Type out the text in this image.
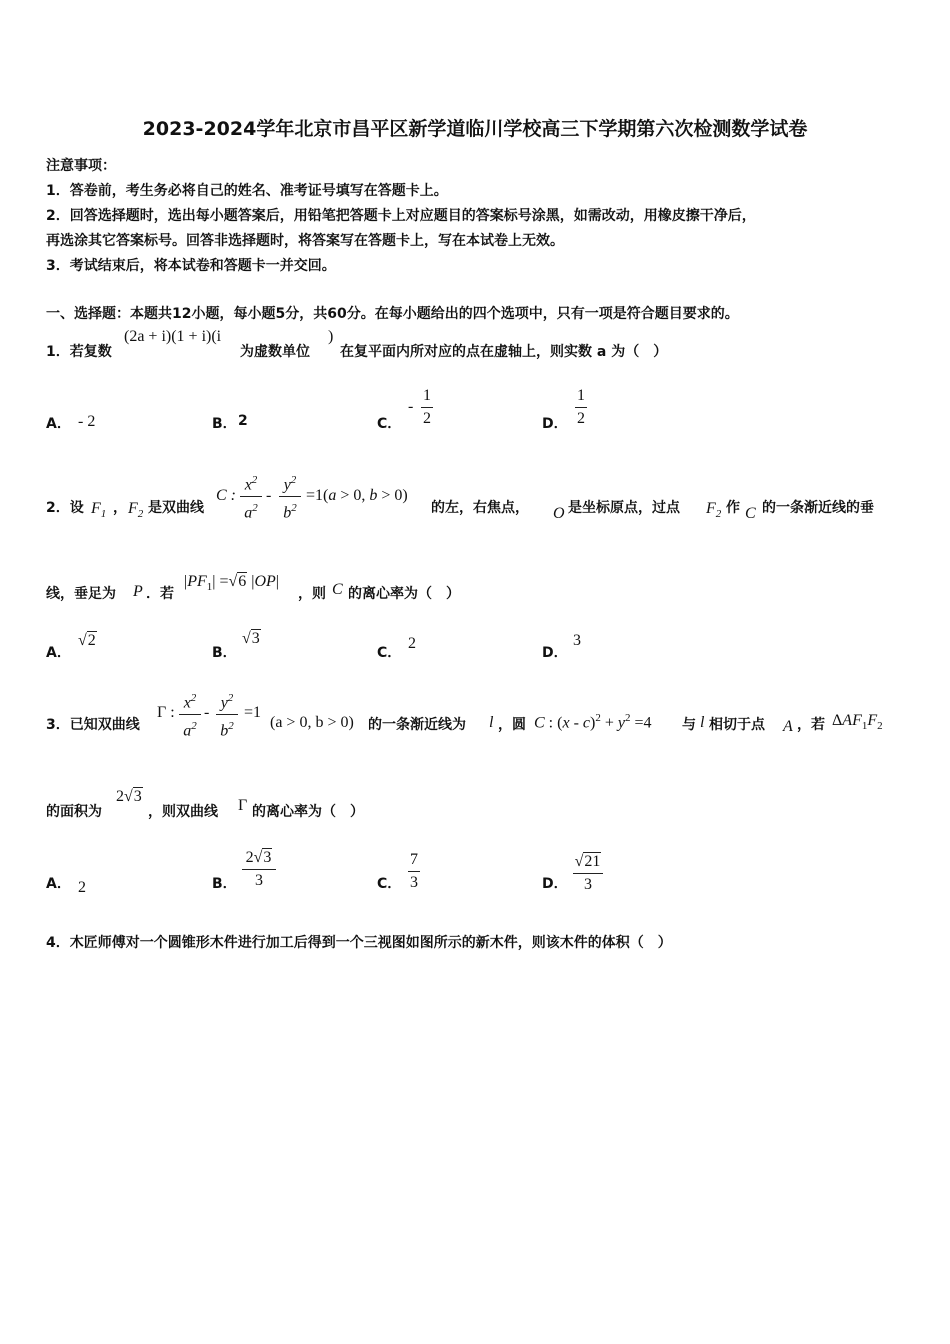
2023-2024学年北京市昌平区新学道临川学校高三下学期第六次检测数学试卷
注意事项：
1．答卷前，考生务必将自己的姓名、准考证号填写在答题卡上。
2．回答选择题时，选出每小题答案后，用铅笔把答题卡上对应题目的答案标号涂黑，如需改动，用橡皮擦干净后，
再选涂其它答案标号。回答非选择题时，将答案写在答题卡上，写在本试卷上无效。
3．考试结束后，将本试卷和答题卡一并交回。
一、选择题：本题共12小题，每小题5分，共60分。在每小题给出的四个选项中，只有一项是符合题目要求的。
1．若复数
(2a + i)(1 + i)(i
为虚数单位
)
在复平面内所对应的点在虚轴上，则实数 a 为（　）
A． - 2	B． 2	C．
-
1
2	D．
1
2
2．设 $F_1$ ， $F_2$ 是双曲线
C :
$x^2$
$a^2$
-
$y^2$
$b^2$
=1(a > 0, b > 0)
的左，右焦点， O 是坐标原点，过点 $F_2$ 作 C 的一条渐近线的垂
线，垂足为 P ．若
$|PF_1| =√6$ |OP|
，则 C 的离心率为（　）
A．
√2
B．
√3
C．
2
D．
3
3．已知双曲线
Γ :
$x^2$
$a^2$
-
$y^2$
$b^2$
=1
(a > 0, b > 0) 的一条渐近线为 l ，圆 C : $(x - c)^2 + y^2 =4$ 与 l 相切于点 A ，若 $\Delta AF_1F_2$
的面积为
2√3
，则双曲线 Γ 的离心率为（　）
A． 2	B．
2√3
3	C．
7
3	D．
√21
3
4．木匠师傅对一个圆锥形木件进行加工后得到一个三视图如图所示的新木件，则该木件的体积（　）
